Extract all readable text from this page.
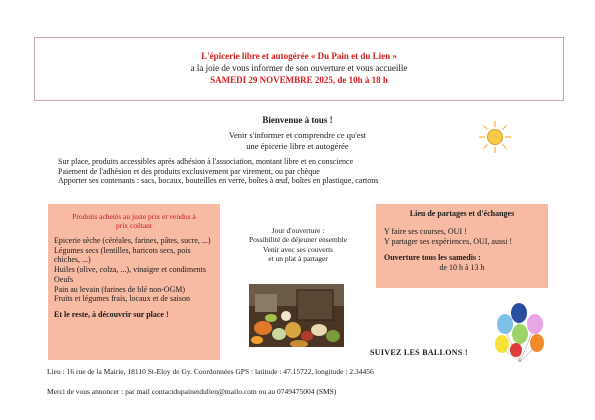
L'épicerie libre et autogérée « Du Pain et du Lien »
a la joie de vous informer de son ouverture et vous accueille
SAMEDI 29 NOVEMBRE 2025, de 10h à 18 h
Bienvenue à tous !
Venir s'informer et comprendre ce qu'est
une épicerie libre et autogérée
Sur place, produits accessibles après adhésion à l'association, montant libre et en conscience
Paiement de l'adhésion et des produits exclusivement par virement, ou par chèque
Apporter ses contenants : sacs, bocaux, bouteilles en verre, boîtes à œuf, boîtes en plastique, cartons
Produits achetés au juste prix et vendus à prix coûtant
Epicerie sèche (céréales, farines, pâtes, sucre, ...)
Légumes secs (lentilles, haricots secs, pois chiches, ...)
Huiles (olive, colza, ...), vinaigre et condiments
Oeufs
Pain au levain (farines de blé non-OGM)
Fruits et légumes frais, locaux et de saison
Et le reste, à découvrir sur place !
Jour d'ouverture :
Possibilité de déjeuner ensemble
Venir avec ses couverts
et un plat à partager
Lieu de partages et d'échanges
Y faire ses courses, OUI !
Y partager ses expériences, OUI, aussi !
Ouverture tous les samedis :
de 10 h à 13 h
SUIVEZ LES BALLONS !
Lieu : 16 rue de la Mairie, 18110 St-Eloy de Gy. Coordonnées GPS : latitude : 47.15722, longitude : 2.34456
Merci de vous annoncer : par mail contactdupainetdulien@mailo.com ou au 0749475004 (SMS)
